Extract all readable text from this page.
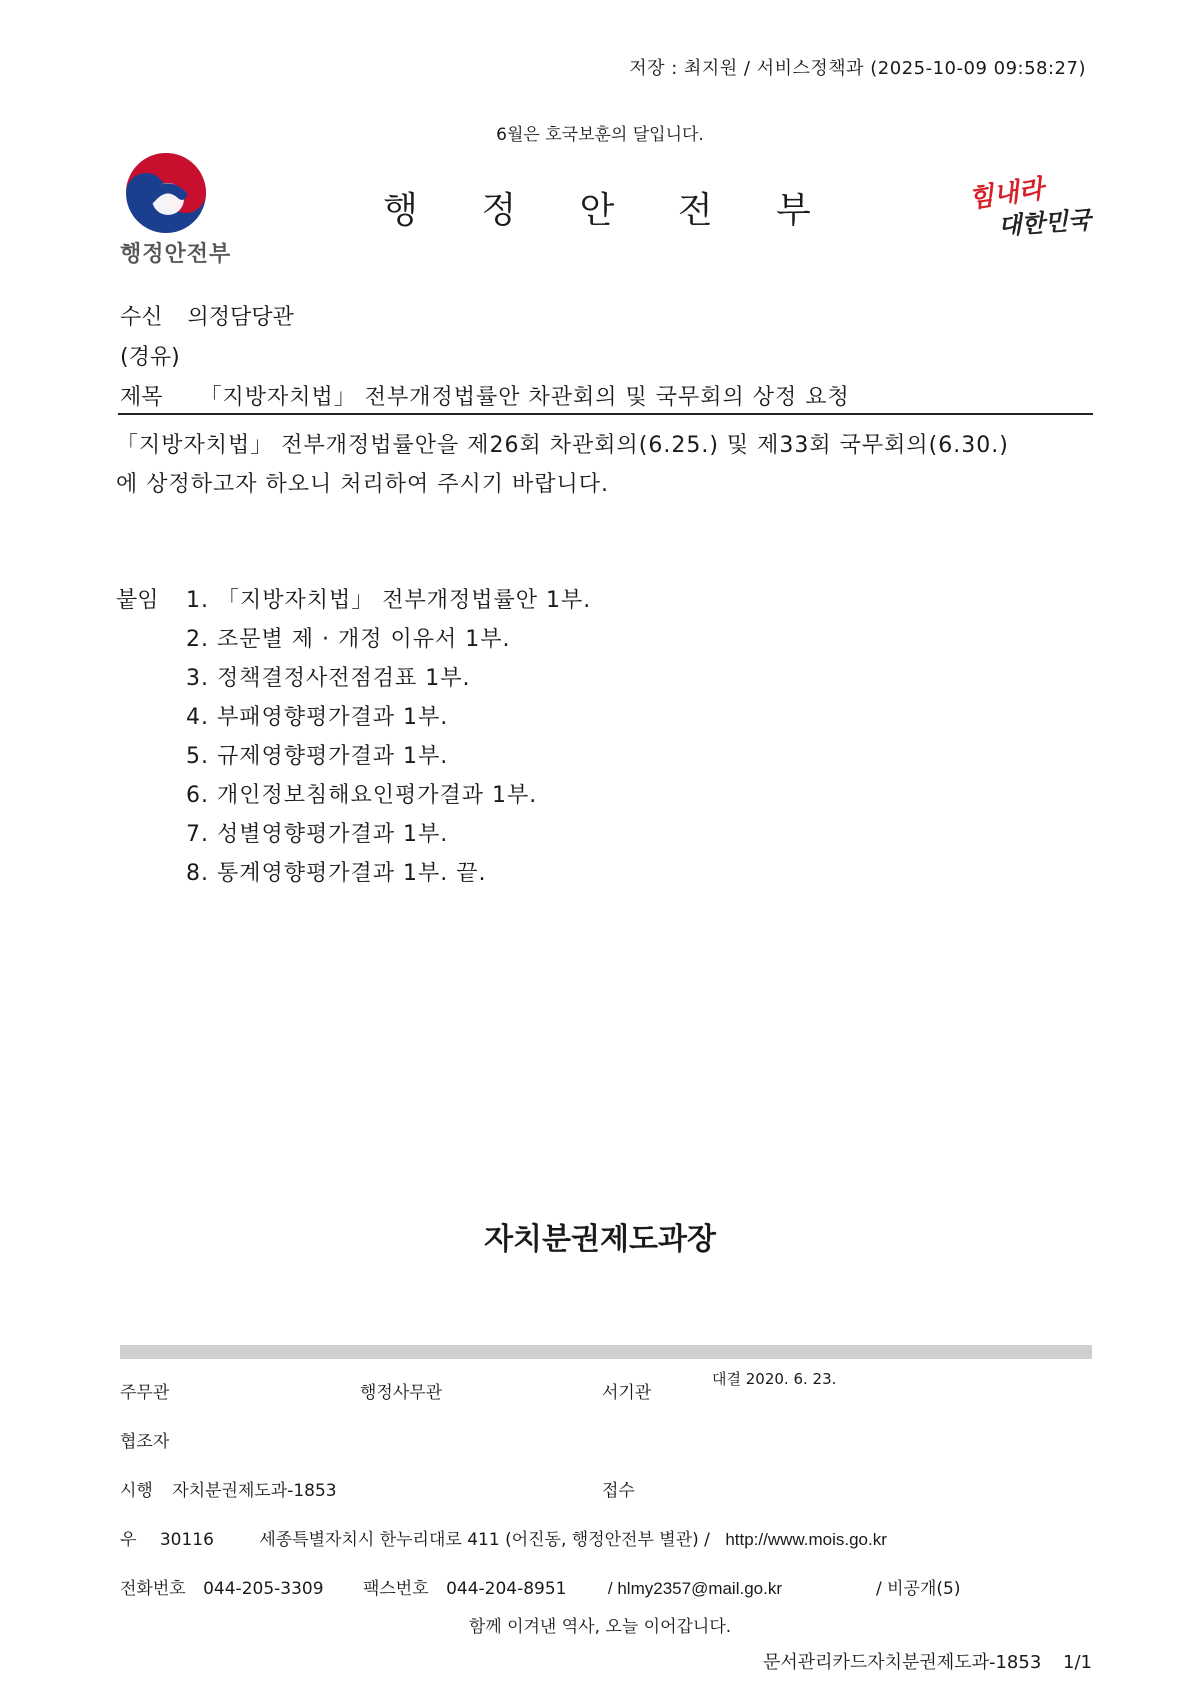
저장 : 최지원 / 서비스정책과 (2025-10-09 09:58:27)
6월은 호국보훈의 달입니다.
행정안전부
행 정 안 전 부	힘내라
대한민국
수신 의정담당관
(경유)
제목 「지방자치법」 전부개정법률안 차관회의 및 국무회의 상정 요청
「지방자치법」 전부개정법률안을 제26회 차관회의(6.25.) 및 제33회 국무회의(6.30.)
에 상정하고자 하오니 처리하여 주시기 바랍니다.
붙임 1. 「지방자치법」 전부개정법률안 1부.
2. 조문별 제 · 개정 이유서 1부.
3. 정책결정사전점검표 1부.
4. 부패영향평가결과 1부.
5. 규제영향평가결과 1부.
6. 개인정보침해요인평가결과 1부.
7. 성별영향평가결과 1부.
8. 통계영향평가결과 1부. 끝.
자치분권제도과장
주무관	행정사무관	서기관
대결 2020. 6. 23.
협조자
시행 자치분권제도과-1853	접수
우 30116	세종특별자치시 한누리대로 411 (어진동, 행정안전부 별관) / http://www.mois.go.kr
전화번호 044-205-3309 팩스번호 044-204-8951 / hlmy2357@mail.go.kr	/ 비공개(5)
함께 이겨낸 역사, 오늘 이어갑니다.
문서관리카드자치분권제도과-1853 1/1
